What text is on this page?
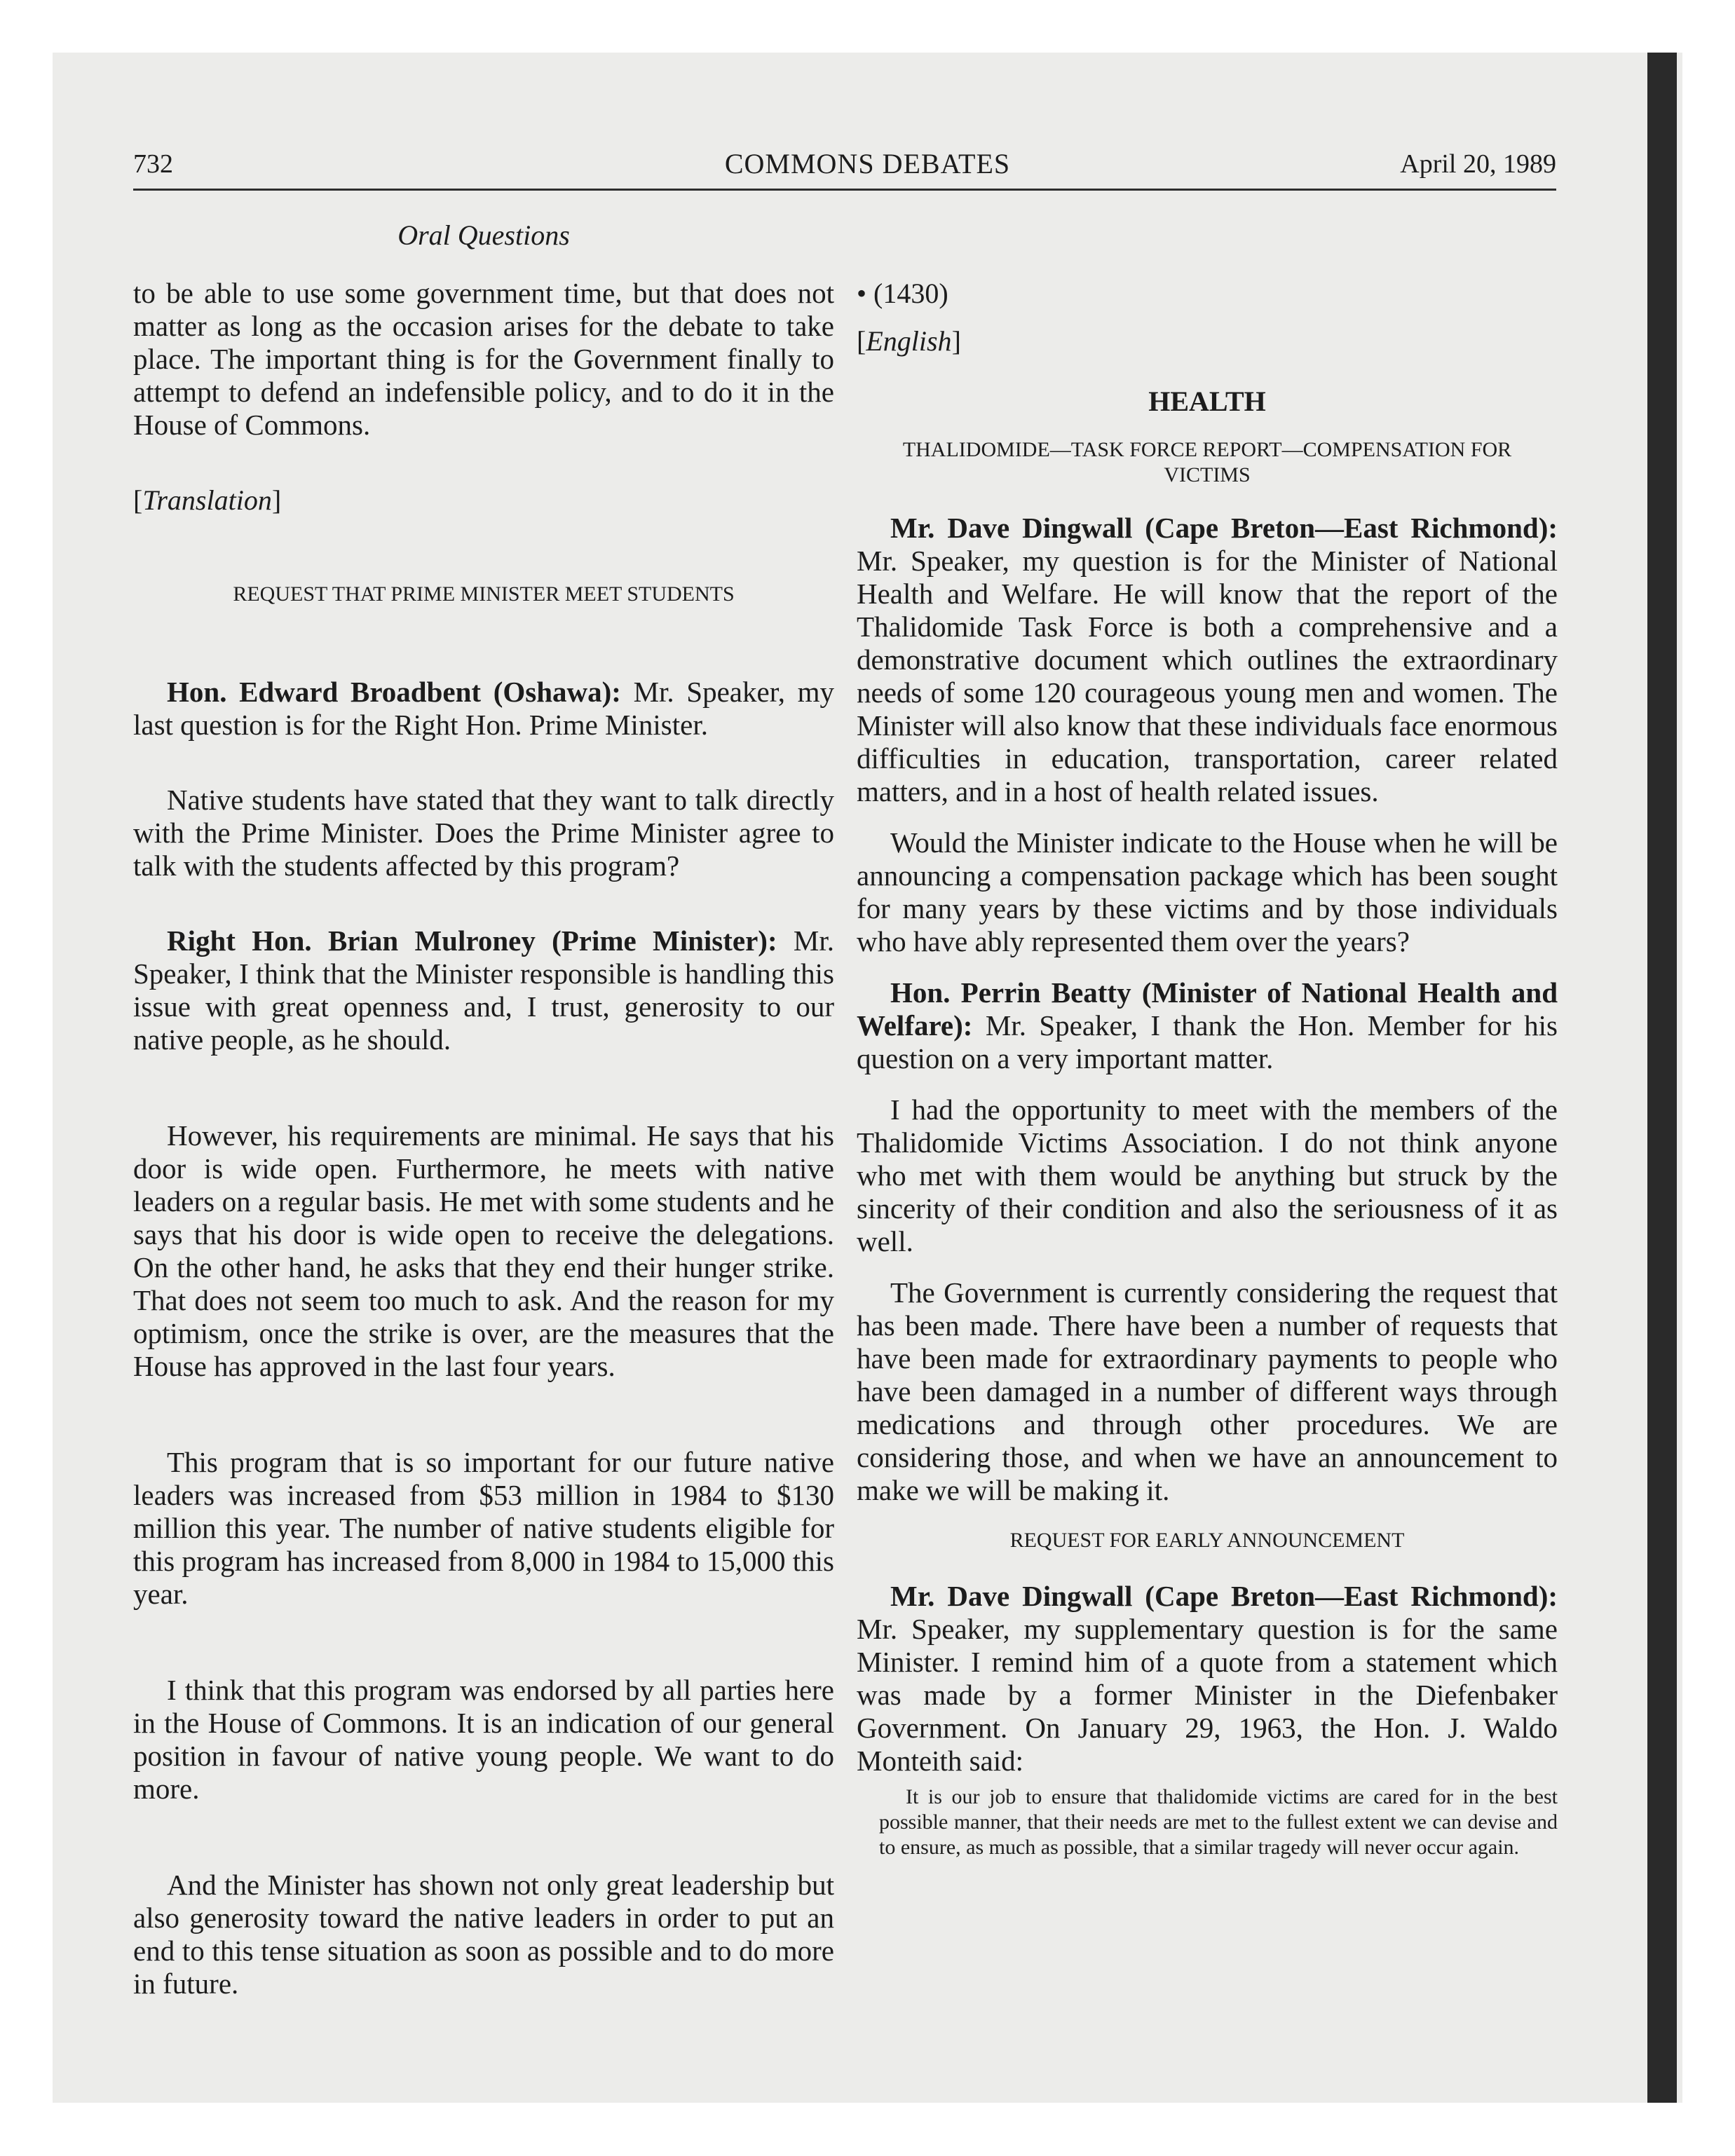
732	COMMONS DEBATES	April 20, 1989
Oral Questions

to be able to use some government time, but that does not matter as long as the occasion arises for the debate to take place. The important thing is for the Government finally to attempt to defend an indefensible policy, and to do it in the House of Commons.

[Translation]
REQUEST THAT PRIME MINISTER MEET STUDENTS

Hon. Edward Broadbent (Oshawa): Mr. Speaker, my last question is for the Right Hon. Prime Minister.

Native students have stated that they want to talk directly with the Prime Minister. Does the Prime Minister agree to talk with the students affected by this program?

Right Hon. Brian Mulroney (Prime Minister): Mr. Speaker, I think that the Minister responsible is handling this issue with great openness and, I trust, generosity to our native people, as he should.

However, his requirements are minimal. He says that his door is wide open. Furthermore, he meets with native leaders on a regular basis. He met with some students and he says that his door is wide open to receive the delegations. On the other hand, he asks that they end their hunger strike. That does not seem too much to ask. And the reason for my optimism, once the strike is over, are the measures that the House has approved in the last four years.

This program that is so important for our future native leaders was increased from $53 million in 1984 to $130 million this year. The number of native students eligible for this program has increased from 8,000 in 1984 to 15,000 this year.

I think that this program was endorsed by all parties here in the House of Commons. It is an indication of our general position in favour of native young people. We want to do more.

And the Minister has shown not only great leadership but also generosity toward the native leaders in order to put an end to this tense situation as soon as possible and to do more in future.

• (1430)
[English]
HEALTH
THALIDOMIDE—TASK FORCE REPORT—COMPENSATION FOR VICTIMS

Mr. Dave Dingwall (Cape Breton—East Richmond): Mr. Speaker, my question is for the Minister of National Health and Welfare. He will know that the report of the Thalidomide Task Force is both a comprehensive and a demonstrative document which outlines the extraordinary needs of some 120 courageous young men and women. The Minister will also know that these individuals face enormous difficulties in education, transportation, career related matters, and in a host of health related issues.

Would the Minister indicate to the House when he will be announcing a compensation package which has been sought for many years by these victims and by those individuals who have ably represented them over the years?

Hon. Perrin Beatty (Minister of National Health and Welfare): Mr. Speaker, I thank the Hon. Member for his question on a very important matter.

I had the opportunity to meet with the members of the Thalidomide Victims Association. I do not think anyone who met with them would be anything but struck by the sincerity of their condition and also the seriousness of it as well.

The Government is currently considering the request that has been made. There have been a number of requests that have been made for extraordinary payments to people who have been damaged in a number of different ways through medications and through other procedures. We are considering those, and when we have an announcement to make we will be making it.

REQUEST FOR EARLY ANNOUNCEMENT

Mr. Dave Dingwall (Cape Breton—East Richmond): Mr. Speaker, my supplementary question is for the same Minister. I remind him of a quote from a statement which was made by a former Minister in the Diefenbaker Government. On January 29, 1963, the Hon. J. Waldo Monteith said:

It is our job to ensure that thalidomide victims are cared for in the best possible manner, that their needs are met to the fullest extent we can devise and to ensure, as much as possible, that a similar tragedy will never occur again.
